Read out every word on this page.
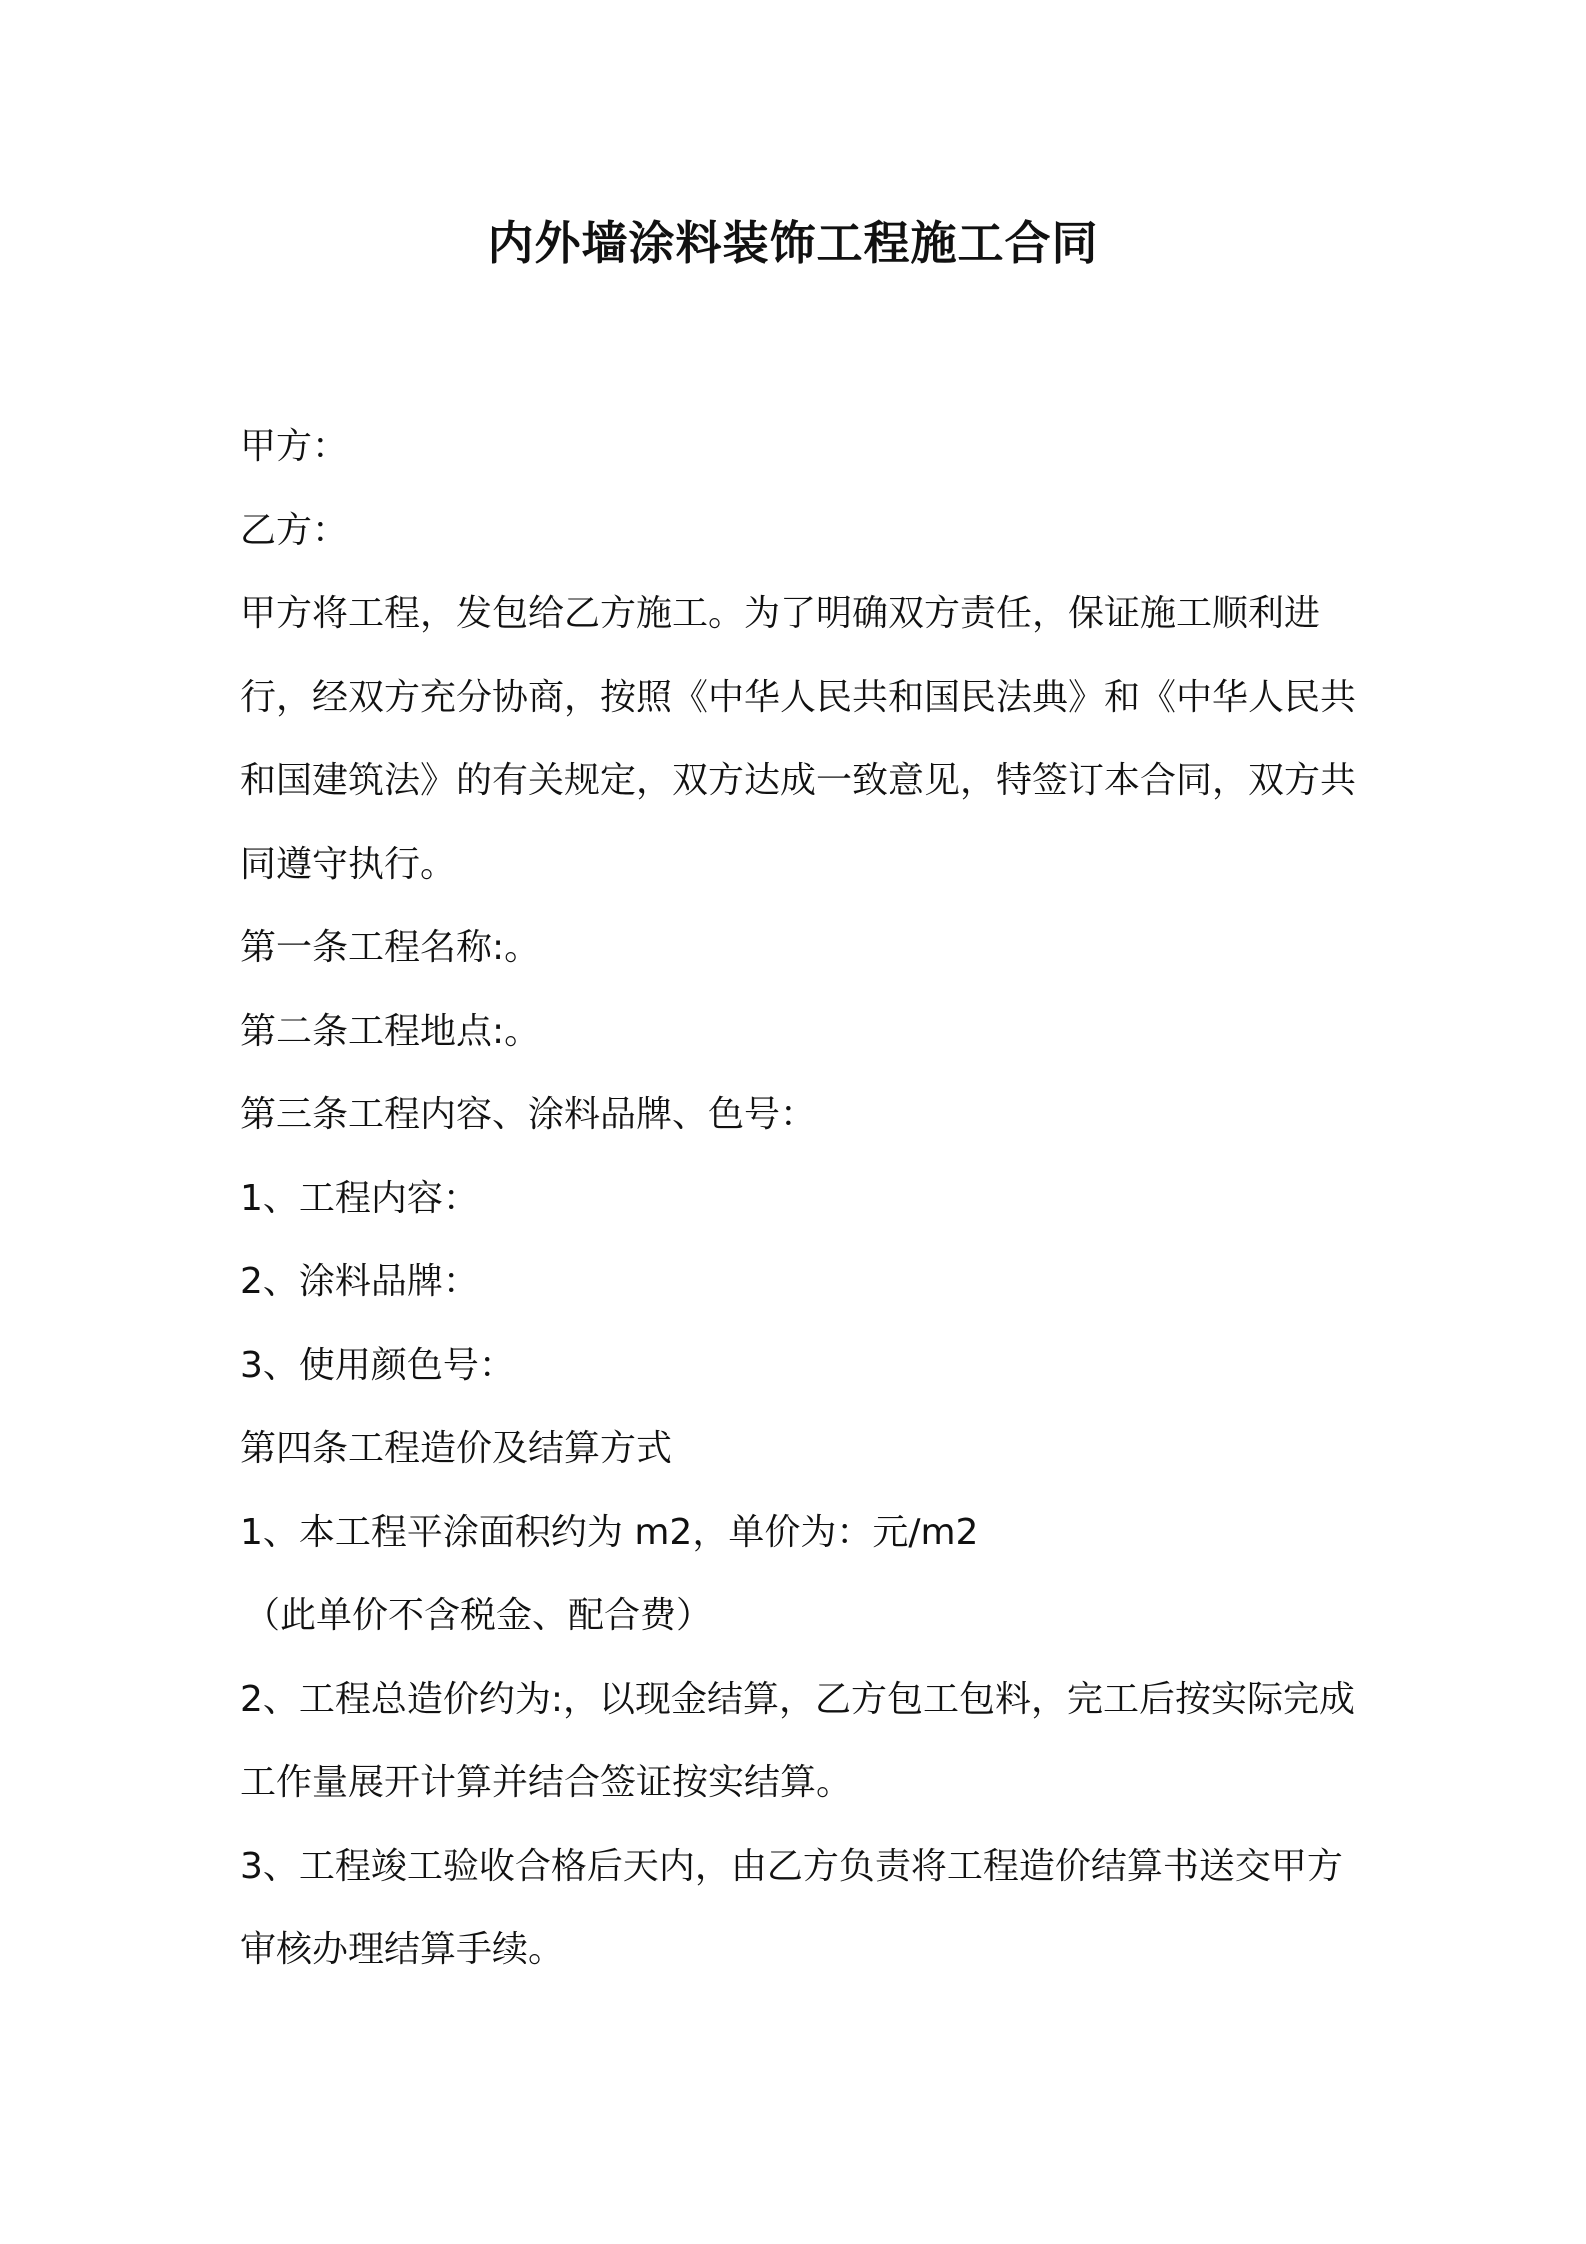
内外墙涂料装饰工程施工合同

甲方：

乙方：

甲方将工程，发包给乙方施工。为了明确双方责任，保证施工顺利进行，经双方充分协商，按照《中华人民共和国民法典》和《中华人民共和国建筑法》的有关规定，双方达成一致意见，特签订本合同，双方共同遵守执行。

第一条工程名称:。

第二条工程地点:。

第三条工程内容、涂料品牌、色号：

1、工程内容：

2、涂料品牌：

3、使用颜色号：

第四条工程造价及结算方式

1、本工程平涂面积约为 m2，单价为：元/m2

（此单价不含税金、配合费）

2、工程总造价约为:，以现金结算，乙方包工包料，完工后按实际完成工作量展开计算并结合签证按实结算。

3、工程竣工验收合格后天内，由乙方负责将工程造价结算书送交甲方审核办理结算手续。
